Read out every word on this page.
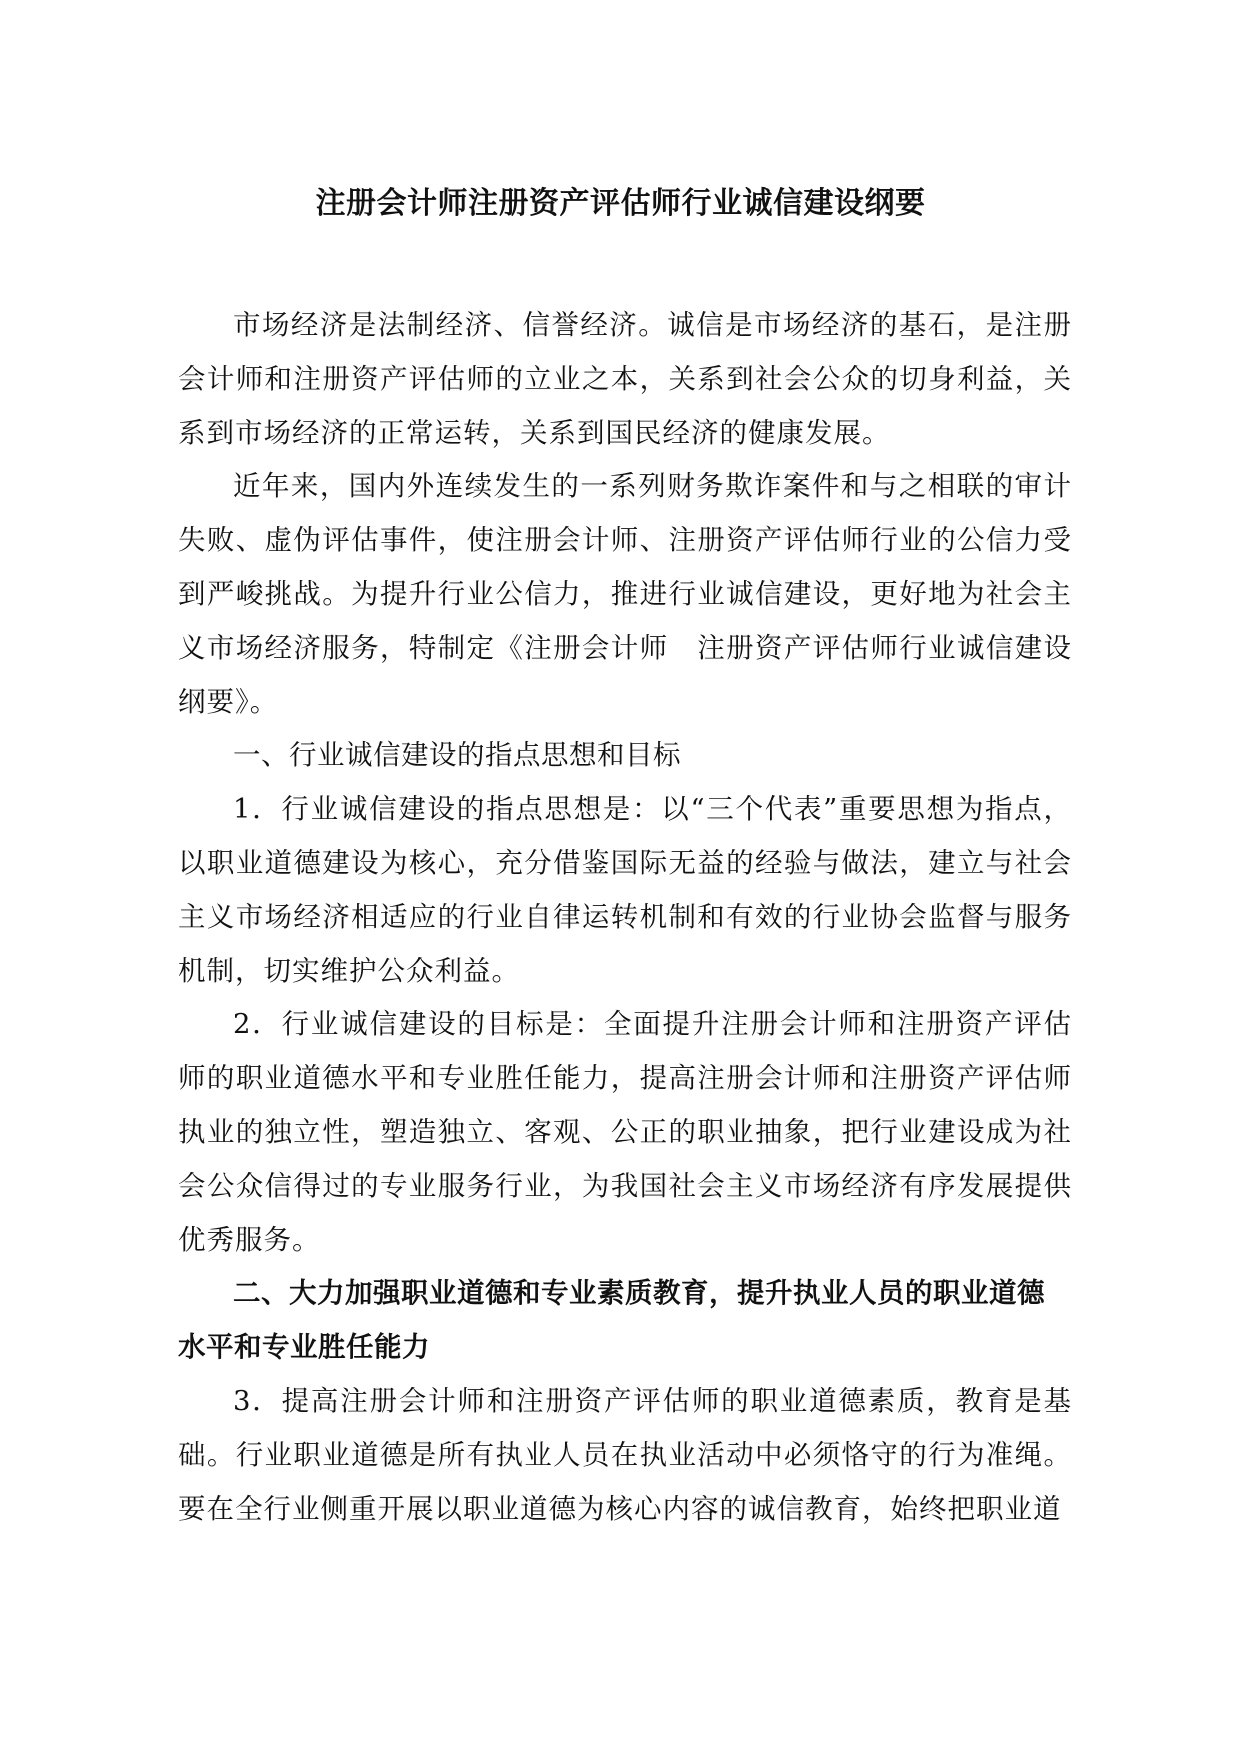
注册会计师注册资产评估师行业诚信建设纲要

市场经济是法制经济、信誉经济。诚信是市场经济的基石，是注册会计师和注册资产评估师的立业之本，关系到社会公众的切身利益，关系到市场经济的正常运转，关系到国民经济的健康发展。

近年来，国内外连续发生的一系列财务欺诈案件和与之相联的审计失败、虚伪评估事件，使注册会计师、注册资产评估师行业的公信力受到严峻挑战。为提升行业公信力，推进行业诚信建设，更好地为社会主义市场经济服务，特制定《注册会计师　注册资产评估师行业诚信建设纲要》。

一、行业诚信建设的指点思想和目标

1．行业诚信建设的指点思想是：以“三个代表”重要思想为指点，以职业道德建设为核心，充分借鉴国际无益的经验与做法，建立与社会主义市场经济相适应的行业自律运转机制和有效的行业协会监督与服务机制，切实维护公众利益。

2．行业诚信建设的目标是：全面提升注册会计师和注册资产评估师的职业道德水平和专业胜任能力，提高注册会计师和注册资产评估师执业的独立性，塑造独立、客观、公正的职业抽象，把行业建设成为社会公众信得过的专业服务行业，为我国社会主义市场经济有序发展提供优秀服务。

二、大力加强职业道德和专业素质教育，提升执业人员的职业道德水平和专业胜任能力

3．提高注册会计师和注册资产评估师的职业道德素质，教育是基础。行业职业道德是所有执业人员在执业活动中必须恪守的行为准绳。要在全行业侧重开展以职业道德为核心内容的诚信教育，始终把职业道
